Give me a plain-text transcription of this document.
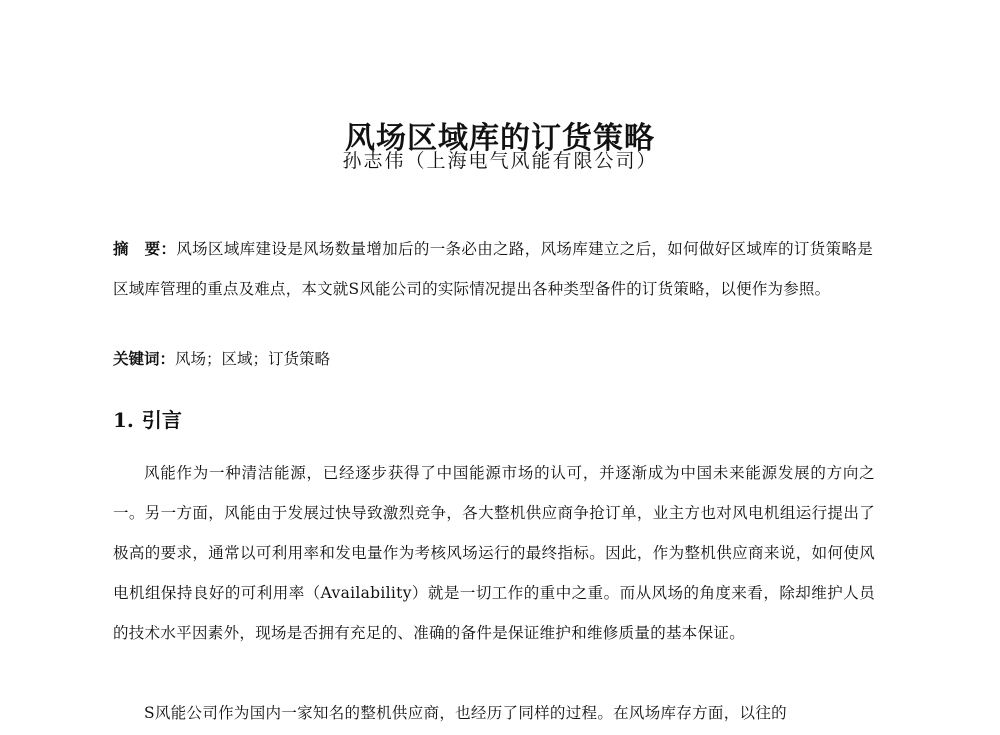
风场区域库的订货策略
孙志伟（上海电气风能有限公司）

摘　要：风场区域库建设是风场数量增加后的一条必由之路，风场库建立之后，如何做好区域库的订货策略是区域库管理的重点及难点，本文就S风能公司的实际情况提出各种类型备件的订货策略，以便作为参照。

关键词：风场；区域；订货策略

1. 引言

风能作为一种清洁能源，已经逐步获得了中国能源市场的认可，并逐渐成为中国未来能源发展的方向之一。另一方面，风能由于发展过快导致激烈竞争，各大整机供应商争抢订单，业主方也对风电机组运行提出了极高的要求，通常以可利用率和发电量作为考核风场运行的最终指标。因此，作为整机供应商来说，如何使风电机组保持良好的可利用率（Availability）就是一切工作的重中之重。而从风场的角度来看，除却维护人员的技术水平因素外，现场是否拥有充足的、准确的备件是保证维护和维修质量的基本保证。

S风能公司作为国内一家知名的整机供应商，也经历了同样的过程。在风场库存方面，以往的
